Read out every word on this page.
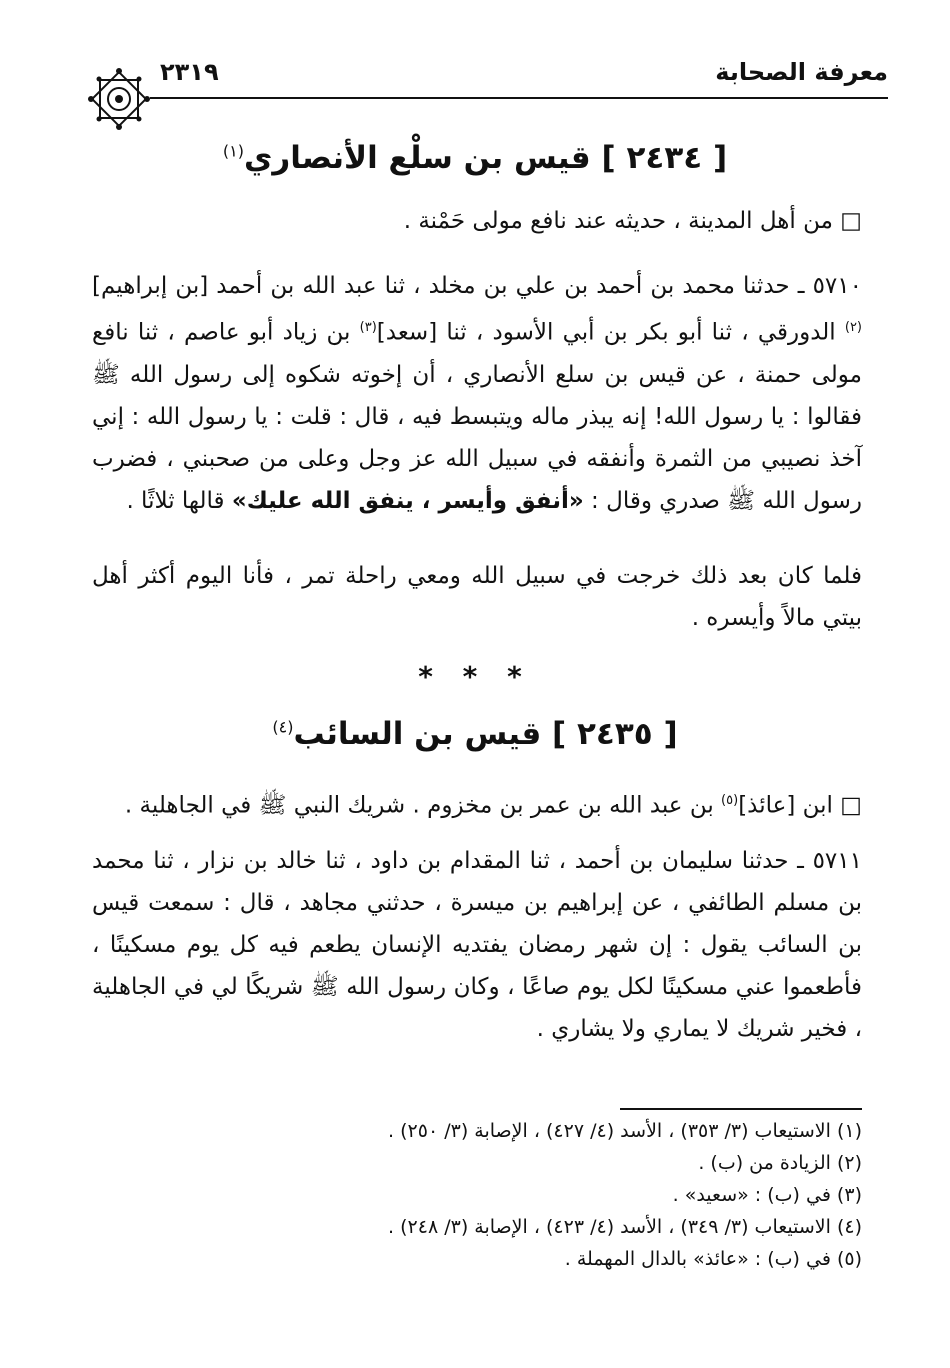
معرفة الصحابة
٢٣١٩
[ ٢٤٣٤ ] قيس بن سلْع الأنصاري$^{(١)}$
□ من أهل المدينة ، حديثه عند نافع مولى حَمْنة .
٥٧١٠ ـ حدثنا محمد بن أحمد بن علي بن مخلد ، ثنا عبد الله بن أحمد [بن إبراهيم]$^{(٢)}$ الدورقي ، ثنا أبو بكر بن أبي الأسود ، ثنا [سعد]$^{(٣)}$ بن زياد أبو عاصم ، ثنا نافع مولى حمنة ، عن قيس بن سلع الأنصاري ، أن إخوته شكوه إلى رسول الله ﷺ فقالوا : يا رسول الله! إنه يبذر ماله ويتبسط فيه ، قال : قلت : يا رسول الله : إني آخذ نصيبي من الثمرة وأنفقه في سبيل الله عز وجل وعلى من صحبني ، فضرب رسول الله ﷺ صدري وقال : «أنفق وأيسر ، ينفق الله عليك» قالها ثلاثًا .
فلما كان بعد ذلك خرجت في سبيل الله ومعي راحلة تمر ، فأنا اليوم أكثر أهل بيتي مالاً وأيسره .
* * *
[ ٢٤٣٥ ] قيس بن السائب$^{(٤)}$
□ ابن [عائذ]$^{(٥)}$ بن عبد الله بن عمر بن مخزوم . شريك النبي ﷺ في الجاهلية .
٥٧١١ ـ حدثنا سليمان بن أحمد ، ثنا المقدام بن داود ، ثنا خالد بن نزار ، ثنا محمد بن مسلم الطائفي ، عن إبراهيم بن ميسرة ، حدثني مجاهد ، قال : سمعت قيس بن السائب يقول : إن شهر رمضان يفتديه الإنسان يطعم فيه كل يوم مسكينًا ، فأطعموا عني مسكينًا لكل يوم صاعًا ، وكان رسول الله ﷺ شريكًا لي في الجاهلية ، فخير شريك لا يماري ولا يشاري .
(١) الاستيعاب (٣/ ٣٥٣) ، الأسد (٤/ ٤٢٧) ، الإصابة (٣/ ٢٥٠) .
(٢) الزيادة من (ب) .
(٣) في (ب) : «سعيد» .
(٤) الاستيعاب (٣/ ٣٤٩) ، الأسد (٤/ ٤٢٣) ، الإصابة (٣/ ٢٤٨) .
(٥) في (ب) : «عائذ» بالدال المهملة .
